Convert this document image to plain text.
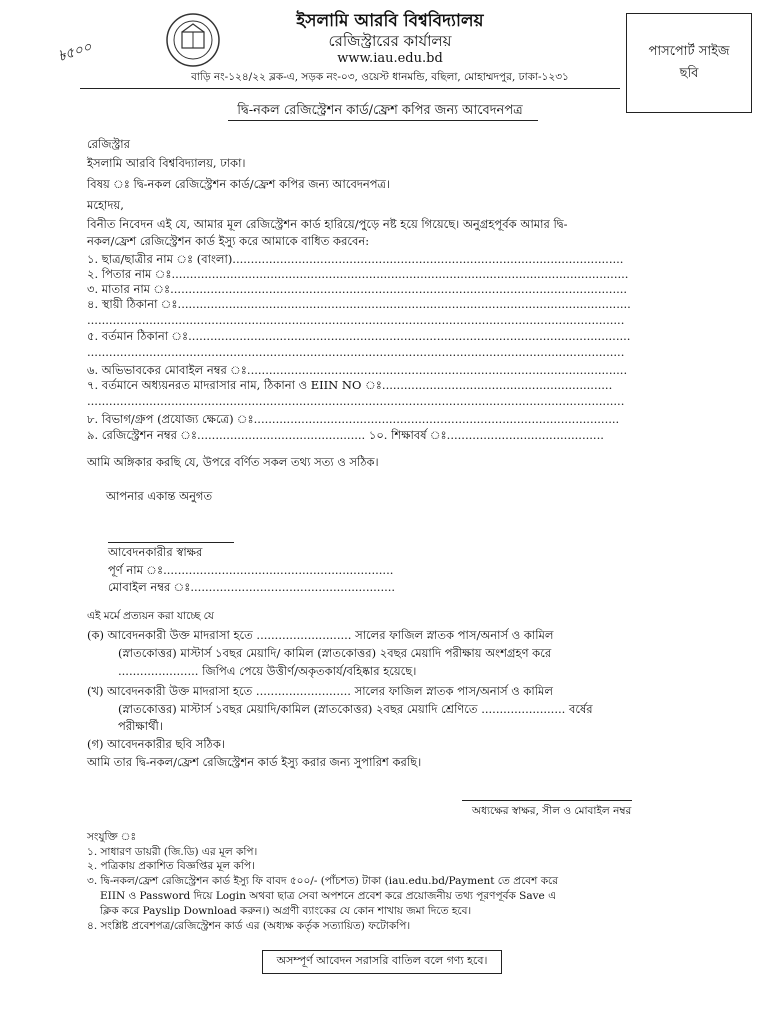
৳৫০০
ইসলামি আরবি বিশ্ববিদ্যালয়
রেজিস্ট্রারের কার্যালয়
www.iau.edu.bd
বাড়ি নং-১২৪/২২ ব্লক-এ, সড়ক নং-০৩, ওয়েস্ট ধানমন্ডি, বছিলা, মোহাম্মদপুর, ঢাকা-১২৩১
পাসপোর্ট সাইজ
ছবি
দ্বি-নকল রেজিস্ট্রেশন কার্ড/ফ্রেশ কপির জন্য আবেদনপত্র
রেজিস্ট্রার
ইসলামি আরবি বিশ্ববিদ্যালয়, ঢাকা।
বিষয় ঃ দ্বি-নকল রেজিস্ট্রেশন কার্ড/ফ্রেশ কপির জন্য আবেদনপত্র।
মহোদয়,
বিনীত নিবেদন এই যে, আমার মূল রেজিস্ট্রেশন কার্ড হারিয়ে/পুড়ে নষ্ট হয়ে গিয়েছে। অনুগ্রহপূর্বক আমার দ্বি-
নকল/ফ্রেশ রেজিস্ট্রেশন কার্ড ইস্যু করে আমাকে বাধিত করবেন:
১. ছাত্র/ছাত্রীর নাম ঃ (বাংলা)...........................................................................................................
২. পিতার নাম ঃ.............................................................................................................................
৩. মাতার নাম ঃ.............................................................................................................................
৪. স্থায়ী ঠিকানা ঃ............................................................................................................................
...................................................................................................................................................
৫. বর্তমান ঠিকানা ঃ.........................................................................................................................
...................................................................................................................................................
৬. অভিভাবকের মোবাইল নম্বর ঃ........................................................................................................
৭. বর্তমানে অধ্যয়নরত মাদরাসার নাম, ঠিকানা ও EIIN NO ঃ...............................................................
...................................................................................................................................................
৮. বিভাগ/গ্রুপ (প্রযোজ্য ক্ষেত্রে) ঃ....................................................................................................
৯. রেজিস্ট্রেশন নম্বর ঃ.............................................. ১০. শিক্ষাবর্ষ ঃ...........................................
আমি অঙ্গিকার করছি যে, উপরে বর্ণিত সকল তথ্য সত্য ও সঠিক।
আপনার একান্ত অনুগত
আবেদনকারীর স্বাক্ষর
পূর্ণ নাম ঃ...............................................................
মোবাইল নম্বর ঃ........................................................
এই মর্মে প্রত্যয়ন করা যাচ্ছে যে
(ক) আবেদনকারী উক্ত মাদরাসা হতে .......................... সালের ফাজিল স্নাতক পাস/অনার্স ও কামিল
(স্নাতকোত্তর) মাস্টার্স ১বছর মেয়াদি/ কামিল (স্নাতকোত্তর) ২বছর মেয়াদি পরীক্ষায় অংশগ্রহণ করে
...................... জিপিএ পেয়ে উত্তীর্ণ/অকৃতকার্য/বহিষ্কার হয়েছে।
(খ) আবেদনকারী উক্ত মাদরাসা হতে .......................... সালের ফাজিল স্নাতক পাস/অনার্স ও কামিল
(স্নাতকোত্তর) মাস্টার্স ১বছর মেয়াদি/কামিল (স্নাতকোত্তর) ২বছর মেয়াদি শ্রেণিতে ....................... বর্ষের
পরীক্ষার্থী।
(গ) আবেদনকারীর ছবি সঠিক।
আমি তার দ্বি-নকল/ফ্রেশ রেজিস্ট্রেশন কার্ড ইস্যু করার জন্য সুপারিশ করছি।
অধ্যক্ষের স্বাক্ষর, সীল ও মোবাইল নম্বর
সংযুক্তি ঃ
১. সাধারণ ডায়রী (জি.ডি) এর মূল কপি।
২. পত্রিকায় প্রকাশিত বিজ্ঞপ্তির মূল কপি।
৩. দ্বি-নকল/ফ্রেশ রেজিস্ট্রেশন কার্ড ইস্যু ফি বাবদ ৫০০/- (পাঁচশত) টাকা (iau.edu.bd/Payment তে প্রবেশ করে
EIIN ও Password দিয়ে Login অথবা ছাত্র সেবা অপশনে প্রবেশ করে প্রয়োজনীয় তথ্য পূরণপূর্বক Save এ
ক্লিক করে Payslip Download করুন।) অগ্রণী ব্যাংকের যে কোন শাখায় জমা দিতে হবে।
৪. সংশ্লিষ্ট প্রবেশপত্র/রেজিস্ট্রেশন কার্ড এর (অধ্যক্ষ কর্তৃক সত্যায়িত) ফটোকপি।
অসম্পূর্ণ আবেদন সরাসরি বাতিল বলে গণ্য হবে।
